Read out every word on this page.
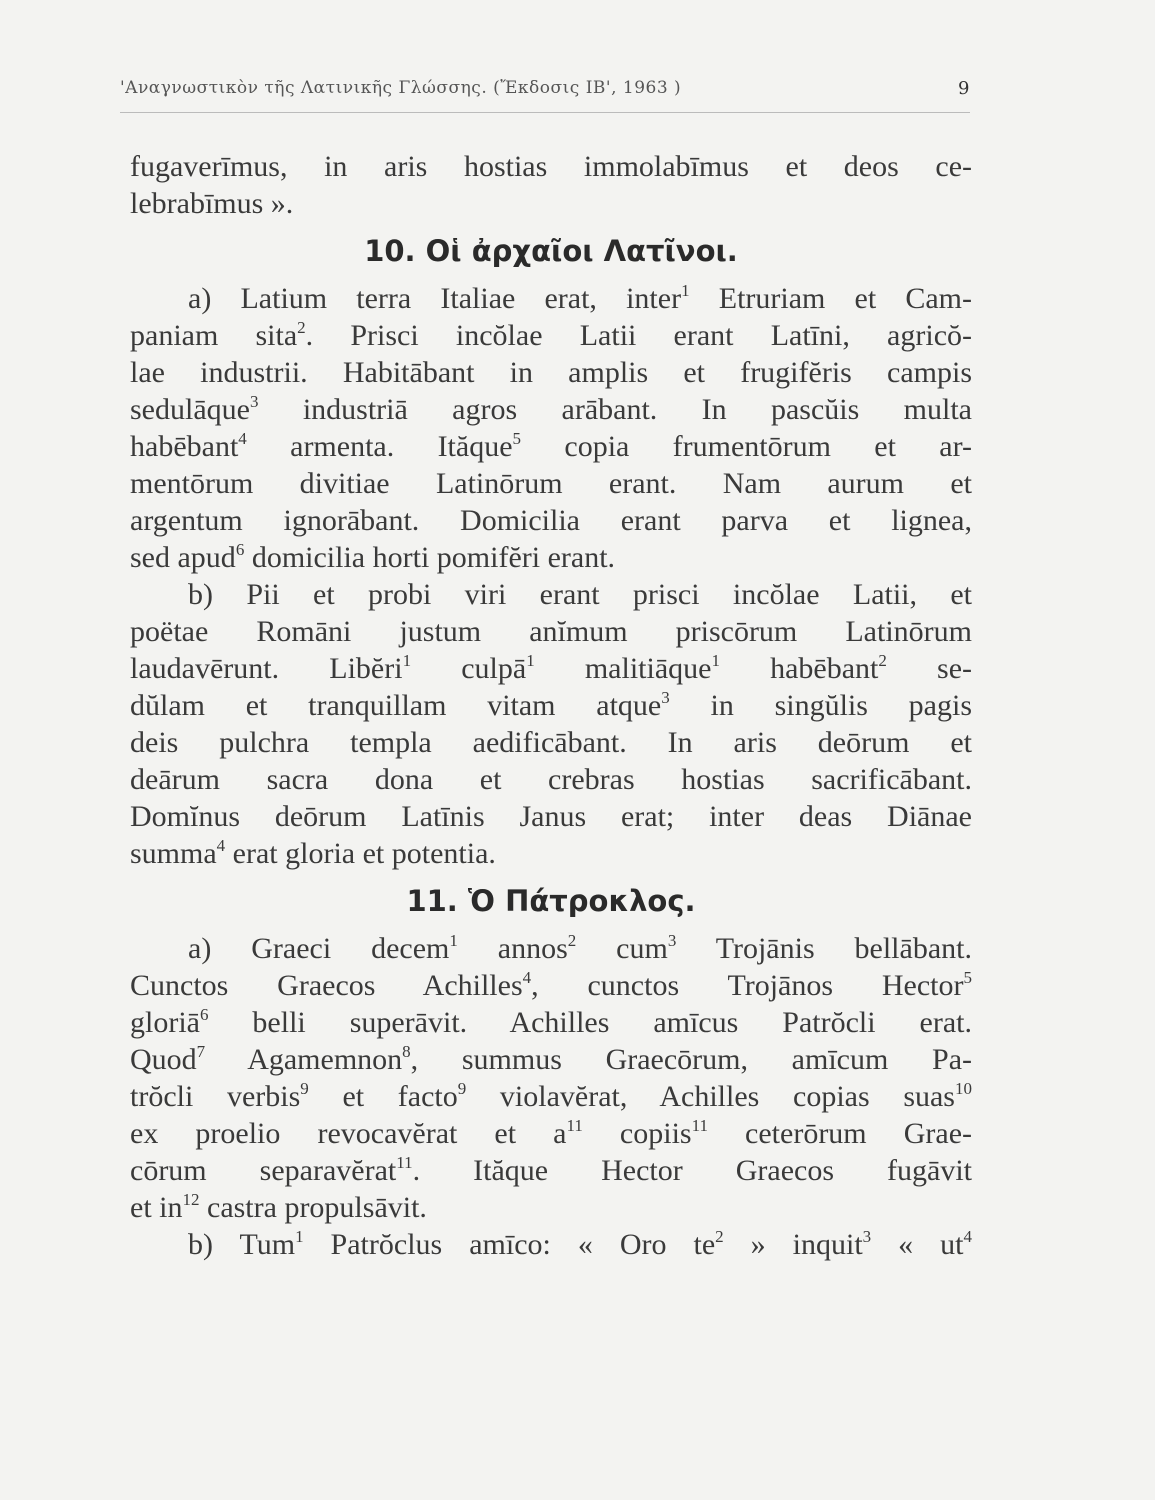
'Αναγνωστικὸν τῆς Λατινικῆς Γλώσσης. (Ἔκδοσις ΙΒ', 1963 )	9
fugaverīmus, in aris hostias immolabīmus et deos ce-
lebrabīmus ».
10. Οἱ ἀρχαῖοι Λατῖνοι.
a) Latium terra Italiae erat, inter$^1$ Etruriam et Cam-
paniam sita$^2$. Prisci incŏlae Latii erant Latīni, agricŏ-
lae industrii. Habitābant in amplis et frugifĕris campis
sedulāque$^3$ industriā agros arābant. In pascŭis multa
habēbant$^4$ armenta. Ităque$^5$ copia frumentōrum et ar-
mentōrum divitiae Latinōrum erant. Nam aurum et
argentum ignorābant. Domicilia erant parva et lignea,
sed apud$^6$ domicilia horti pomifĕri erant.
b) Pii et probi viri erant prisci incŏlae Latii, et
poëtae Romāni justum anĭmum priscōrum Latinōrum
laudavērunt. Libĕri$^1$ culpā$^1$ malitiāque$^1$ habēbant$^2$ se-
dŭlam et tranquillam vitam atque$^3$ in singŭlis pagis
deis pulchra templa aedificābant. In aris deōrum et
deārum sacra dona et crebras hostias sacrificābant.
Domĭnus deōrum Latīnis Janus erat; inter deas Diānae
summa$^4$ erat gloria et potentia.
11. Ὁ Πάτροκλος.
a) Graeci decem$^1$ annos$^2$ cum$^3$ Trojānis bellābant.
Cunctos Graecos Achilles$^4$, cunctos Trojānos Hector$^5$
gloriā$^6$ belli superāvit. Achilles amīcus Patrŏcli erat.
Quod$^7$ Agamemnon$^8$, summus Graecōrum, amīcum Pa-
trŏcli verbis$^9$ et facto$^9$ violavĕrat, Achilles copias suas$^{10}$
ex proelio revocavĕrat et $a^{11}$ copiis$^{11}$ ceterōrum Grae-
cōrum separavĕrat$^{11}$. Ităque Hector Graecos fugāvit
et $in^{12}$ castra propulsāvit.
b) Tum$^1$ Patrŏclus amīco: « Oro $te^2$ » inquit$^3$ « $ut^4$
